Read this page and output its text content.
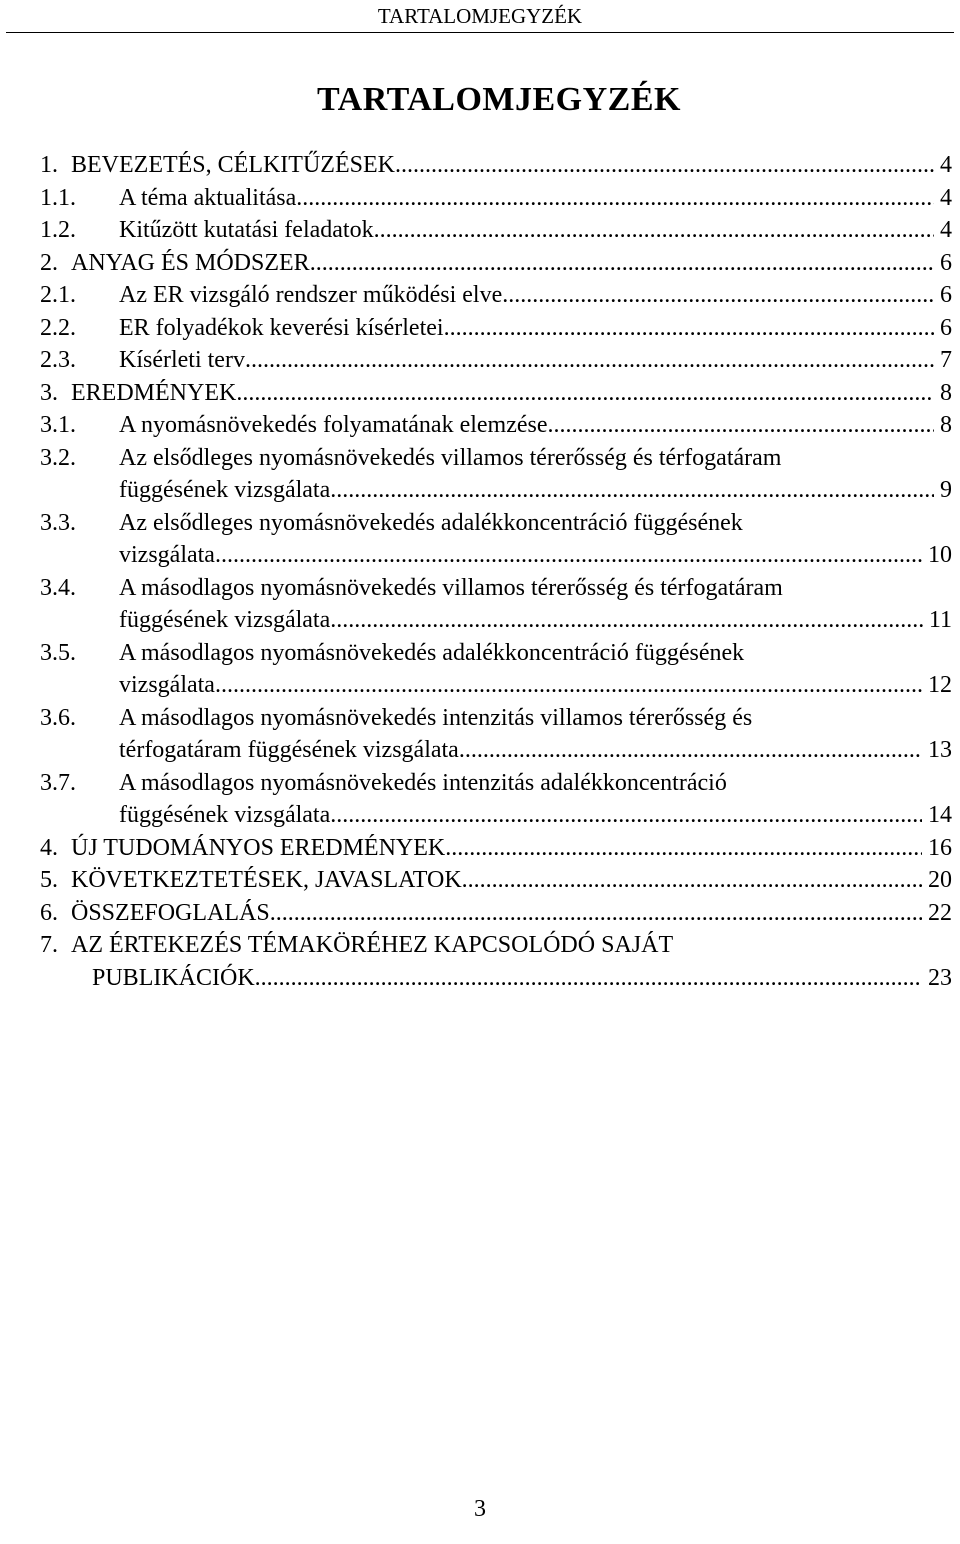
TARTALOMJEGYZÉK
TARTALOMJEGYZÉK
1. BEVEZETÉS, CÉLKITŰZÉSEK .....	4
1.1. A téma aktualitása .....	4
1.2. Kitűzött kutatási feladatok .....	4
2. ANYAG ÉS MÓDSZER .....	6
2.1. Az ER vizsgáló rendszer működési elve .....	6
2.2. ER folyadékok keverési kísérletei .....	6
2.3. Kísérleti terv .....	7
3. EREDMÉNYEK .....	8
3.1. A nyomásnövekedés folyamatának elemzése .....	8
3.2. Az elsődleges nyomásnövekedés villamos térerősség és térfogatáram
függésének vizsgálata .....	9
3.3. Az elsődleges nyomásnövekedés adalékkoncentráció függésének
vizsgálata .....	10
3.4. A másodlagos nyomásnövekedés villamos térerősség és térfogatáram
függésének vizsgálata .....	11
3.5. A másodlagos nyomásnövekedés adalékkoncentráció függésének
vizsgálata .....	12
3.6. A másodlagos nyomásnövekedés intenzitás villamos térerősség és
térfogatáram függésének vizsgálata .....	13
3.7. A másodlagos nyomásnövekedés intenzitás adalékkoncentráció
függésének vizsgálata .....	14
4. ÚJ TUDOMÁNYOS EREDMÉNYEK .....	16
5. KÖVETKEZTETÉSEK, JAVASLATOK .....	20
6. ÖSSZEFOGLALÁS .....	22
7. AZ ÉRTEKEZÉS TÉMAKÖRÉHEZ KAPCSOLÓDÓ SAJÁT
PUBLIKÁCIÓK .....	23
3
